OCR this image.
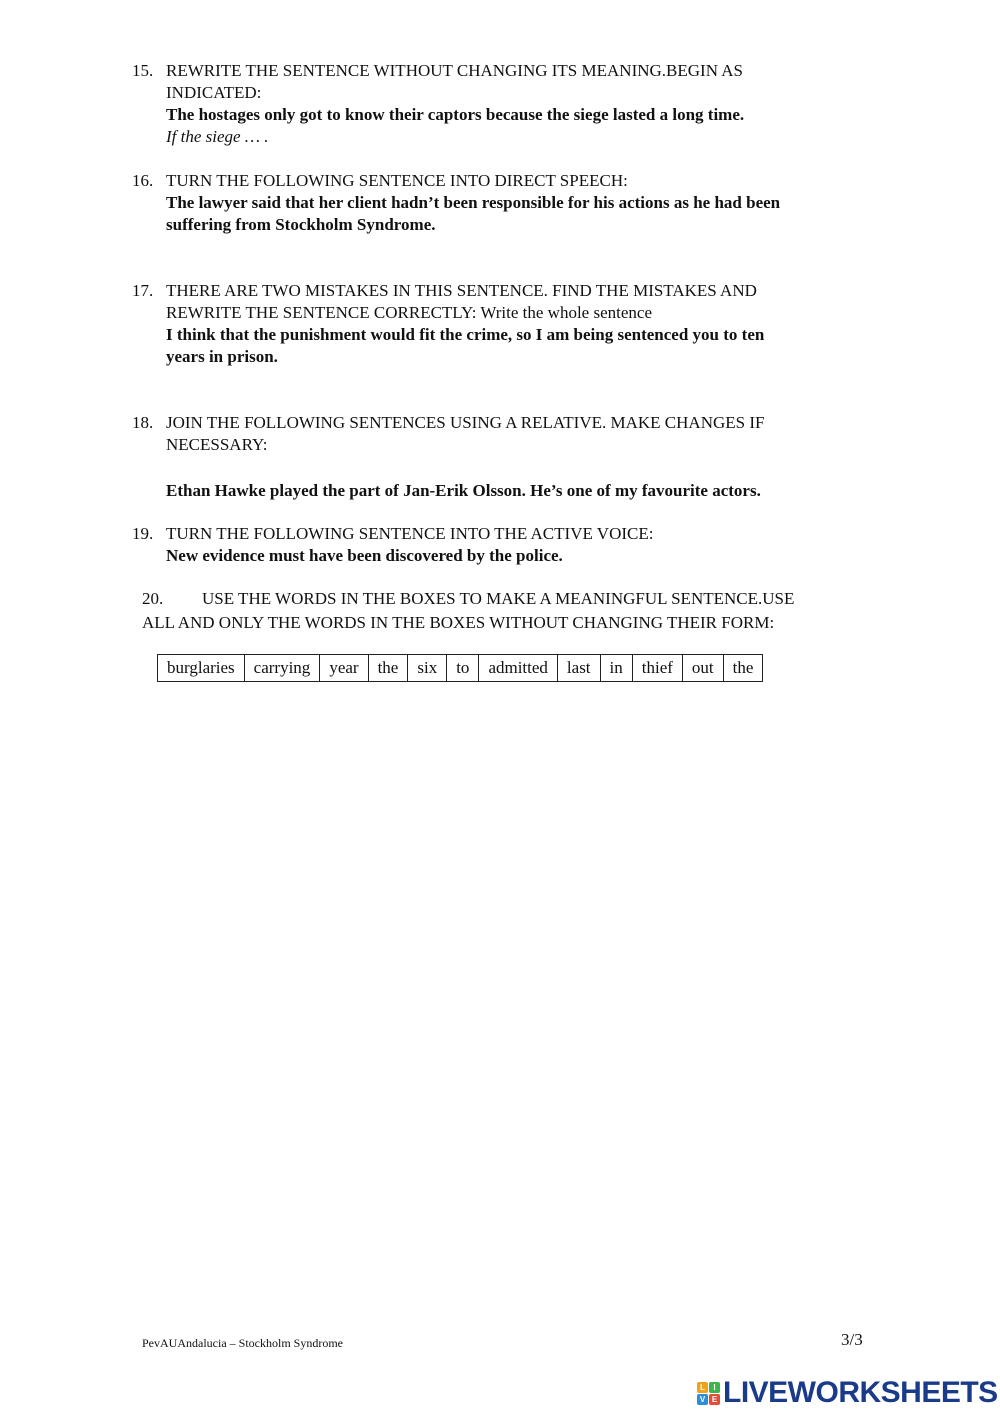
15. REWRITE THE SENTENCE WITHOUT CHANGING ITS MEANING.BEGIN AS
INDICATED:
The hostages only got to know their captors because the siege lasted a long time.
If the siege … .
16. TURN THE FOLLOWING SENTENCE INTO DIRECT SPEECH:
The lawyer said that her client hadn’t been responsible for his actions as he had been
suffering from Stockholm Syndrome.
17. THERE ARE TWO MISTAKES IN THIS SENTENCE. FIND THE MISTAKES AND
REWRITE THE SENTENCE CORRECTLY: Write the whole sentence
I think that the punishment would fit the crime, so I am being sentenced you to ten
years in prison.
18. JOIN THE FOLLOWING SENTENCES USING A RELATIVE. MAKE CHANGES IF
NECESSARY:
Ethan Hawke played the part of Jan-Erik Olsson. He’s one of my favourite actors.
19. TURN THE FOLLOWING SENTENCE INTO THE ACTIVE VOICE:
New evidence must have been discovered by the police.
20. USE THE WORDS IN THE BOXES TO MAKE A MEANINGFUL SENTENCE.USE
ALL AND ONLY THE WORDS IN THE BOXES WITHOUT CHANGING THEIR FORM:
burglaries	carrying	year	the	six	to	admitted	last	in	thief	out	the
PevAUAndalucia – Stockholm Syndrome	3/3
L	I
V E LIVEWORKSHEETS
